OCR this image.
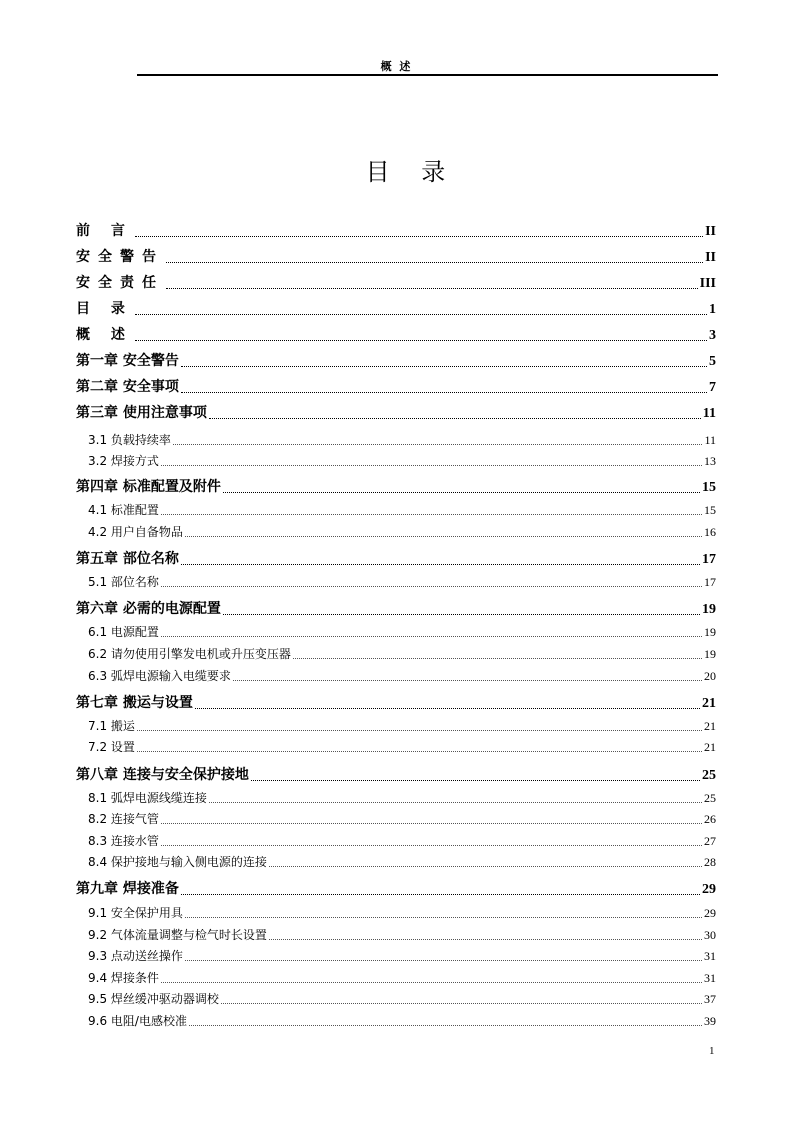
概 述
目 录
前 言	II
安全警告	II
安全责任	III
目 录	1
概 述	3
第一章 安全警告	5
第二章 安全事项	7
第三章 使用注意事项	11
3.1 负载持续率	11
3.2 焊接方式	13
第四章 标准配置及附件	15
4.1 标准配置	15
4.2 用户自备物品	16
第五章 部位名称	17
5.1 部位名称	17
第六章 必需的电源配置	19
6.1 电源配置	19
6.2 请勿使用引擎发电机或升压变压器	19
6.3 弧焊电源输入电缆要求	20
第七章 搬运与设置	21
7.1 搬运	21
7.2 设置	21
第八章 连接与安全保护接地	25
8.1 弧焊电源线缆连接	25
8.2 连接气管	26
8.3 连接水管	27
8.4 保护接地与输入侧电源的连接	28
第九章 焊接准备	29
9.1 安全保护用具	29
9.2 气体流量调整与检气时长设置	30
9.3 点动送丝操作	31
9.4 焊接条件	31
9.5 焊丝缓冲驱动器调校	37
9.6 电阻/电感校准	39
1
